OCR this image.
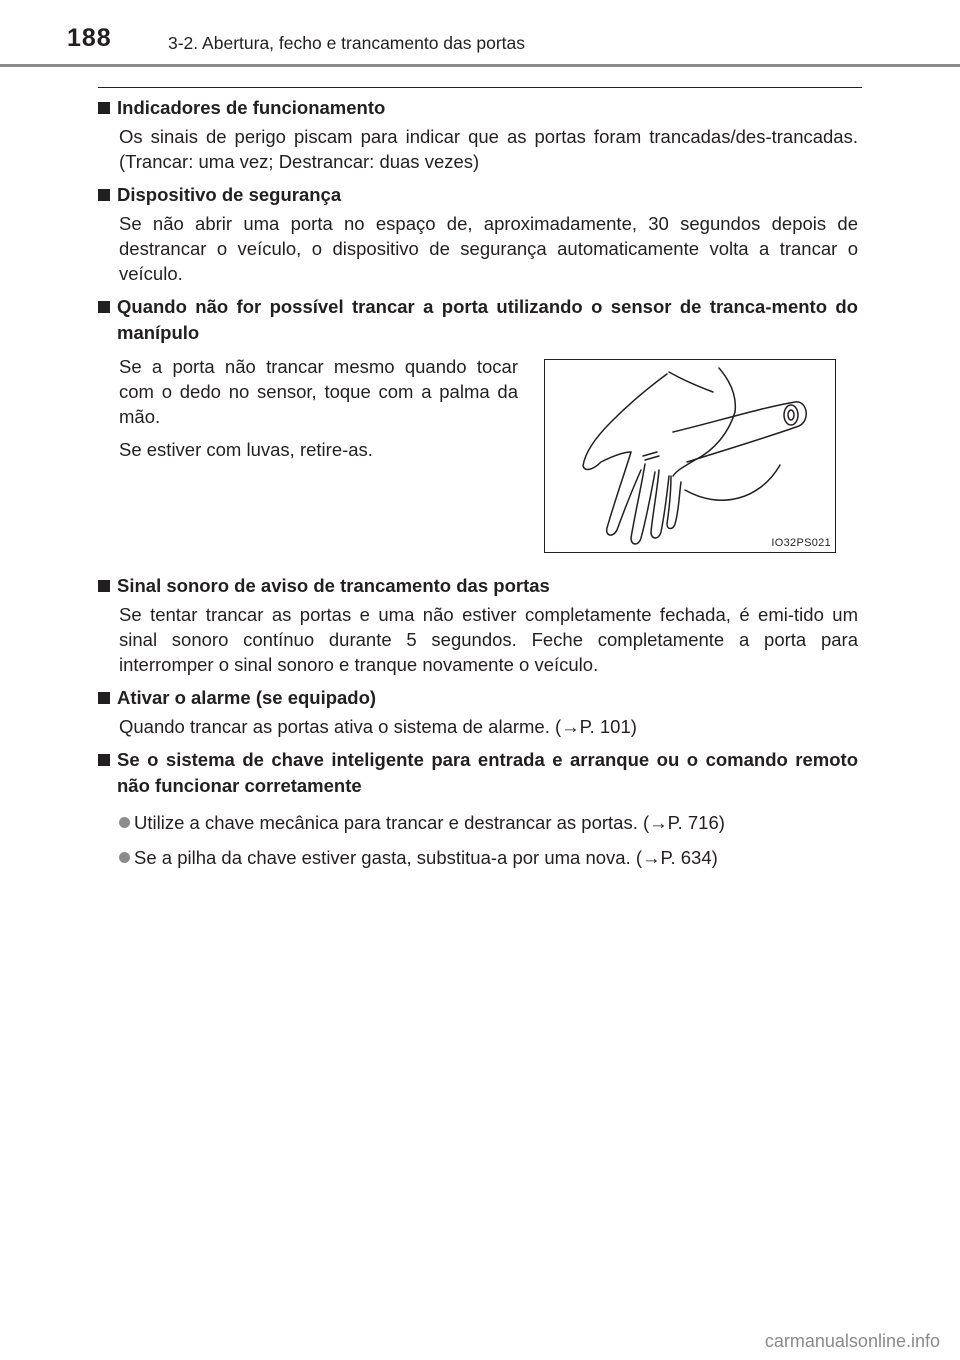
188	3-2. Abertura, fecho e trancamento das portas
Indicadores de funcionamento
Os sinais de perigo piscam para indicar que as portas foram trancadas/des-trancadas. (Trancar: uma vez; Destrancar: duas vezes)
Dispositivo de segurança
Se não abrir uma porta no espaço de, aproximadamente, 30 segundos depois de destrancar o veículo, o dispositivo de segurança automaticamente volta a trancar o veículo.
Quando não for possível trancar a porta utilizando o sensor de tranca-mento do manípulo
Se a porta não trancar mesmo quando tocar com o dedo no sensor, toque com a palma da mão.
Se estiver com luvas, retire-as.
IO32PS021
Sinal sonoro de aviso de trancamento das portas
Se tentar trancar as portas e uma não estiver completamente fechada, é emi-tido um sinal sonoro contínuo durante 5 segundos. Feche completamente a porta para interromper o sinal sonoro e tranque novamente o veículo.
Ativar o alarme (se equipado)
Quando trancar as portas ativa o sistema de alarme. (→P. 101)
Se o sistema de chave inteligente para entrada e arranque ou o comando remoto não funcionar corretamente
Utilize a chave mecânica para trancar e destrancar as portas. (→P. 716)
Se a pilha da chave estiver gasta, substitua-a por uma nova. (→P. 634)
carmanualsonline.info
